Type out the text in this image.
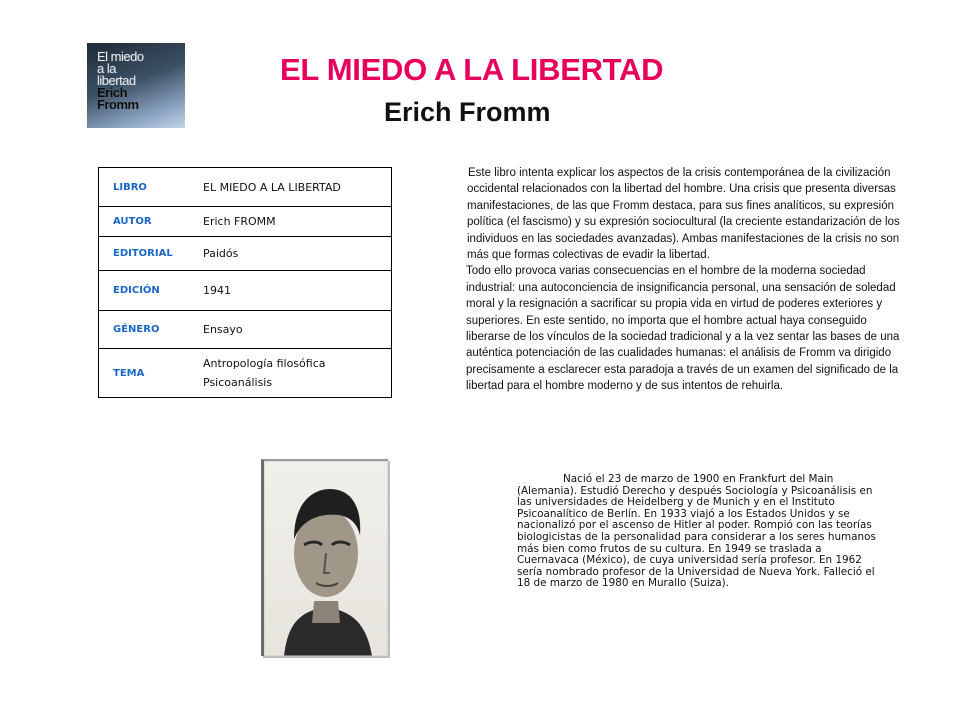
El miedo
a la
libertad
Erich
Fromm
EL MIEDO A LA LIBERTAD
Erich Fromm
LIBRO	EL MIEDO A LA LIBERTAD
AUTOR	Erich FROMM
EDITORIAL	Paidós
EDICIÓN	1941
GÉNERO	Ensayo
TEMA	Antropología filosófica
Psicoanálisis

Este libro intenta explicar los aspectos de la crisis contemporánea de la civilización occidental relacionados con la libertad del hombre. Una crisis que presenta diversas manifestaciones, de las que Fromm destaca, para sus fines analíticos, su expresión política (el fascismo) y su expresión sociocultural (la creciente estandarización de los individuos en las sociedades avanzadas). Ambas manifestaciones de la crisis no son más que formas colectivas de evadir la libertad.

Todo ello provoca varias consecuencias en el hombre de la moderna sociedad industrial: una autoconciencia de insignificancia personal, una sensación de soledad moral y la resignación a sacrificar su propia vida en virtud de poderes exteriores y superiores. En este sentido, no importa que el hombre actual haya conseguido liberarse de los vínculos de la sociedad tradicional y a la vez sentar las bases de una auténtica potenciación de las cualidades humanas: el análisis de Fromm va dirigido precisamente a esclarecer esta paradoja a través de un examen del significado de la libertad para el hombre moderno y de sus intentos de rehuirla.

Nació el 23 de marzo de 1900 en Frankfurt del Main (Alemania). Estudió Derecho y después Sociología y Psicoanálisis en las universidades de Heidelberg y de Munich y en el Instituto Psicoanalítico de Berlín. En 1933 viajó a los Estados Unidos y se nacionalizó por el ascenso de Hitler al poder. Rompió con las teorías biologicistas de la personalidad para considerar a los seres humanos más bien como frutos de su cultura. En 1949 se traslada a Cuernavaca (México), de cuya universidad sería profesor. En 1962 sería nombrado profesor de la Universidad de Nueva York. Falleció el 18 de marzo de 1980 en Murallo (Suiza).
